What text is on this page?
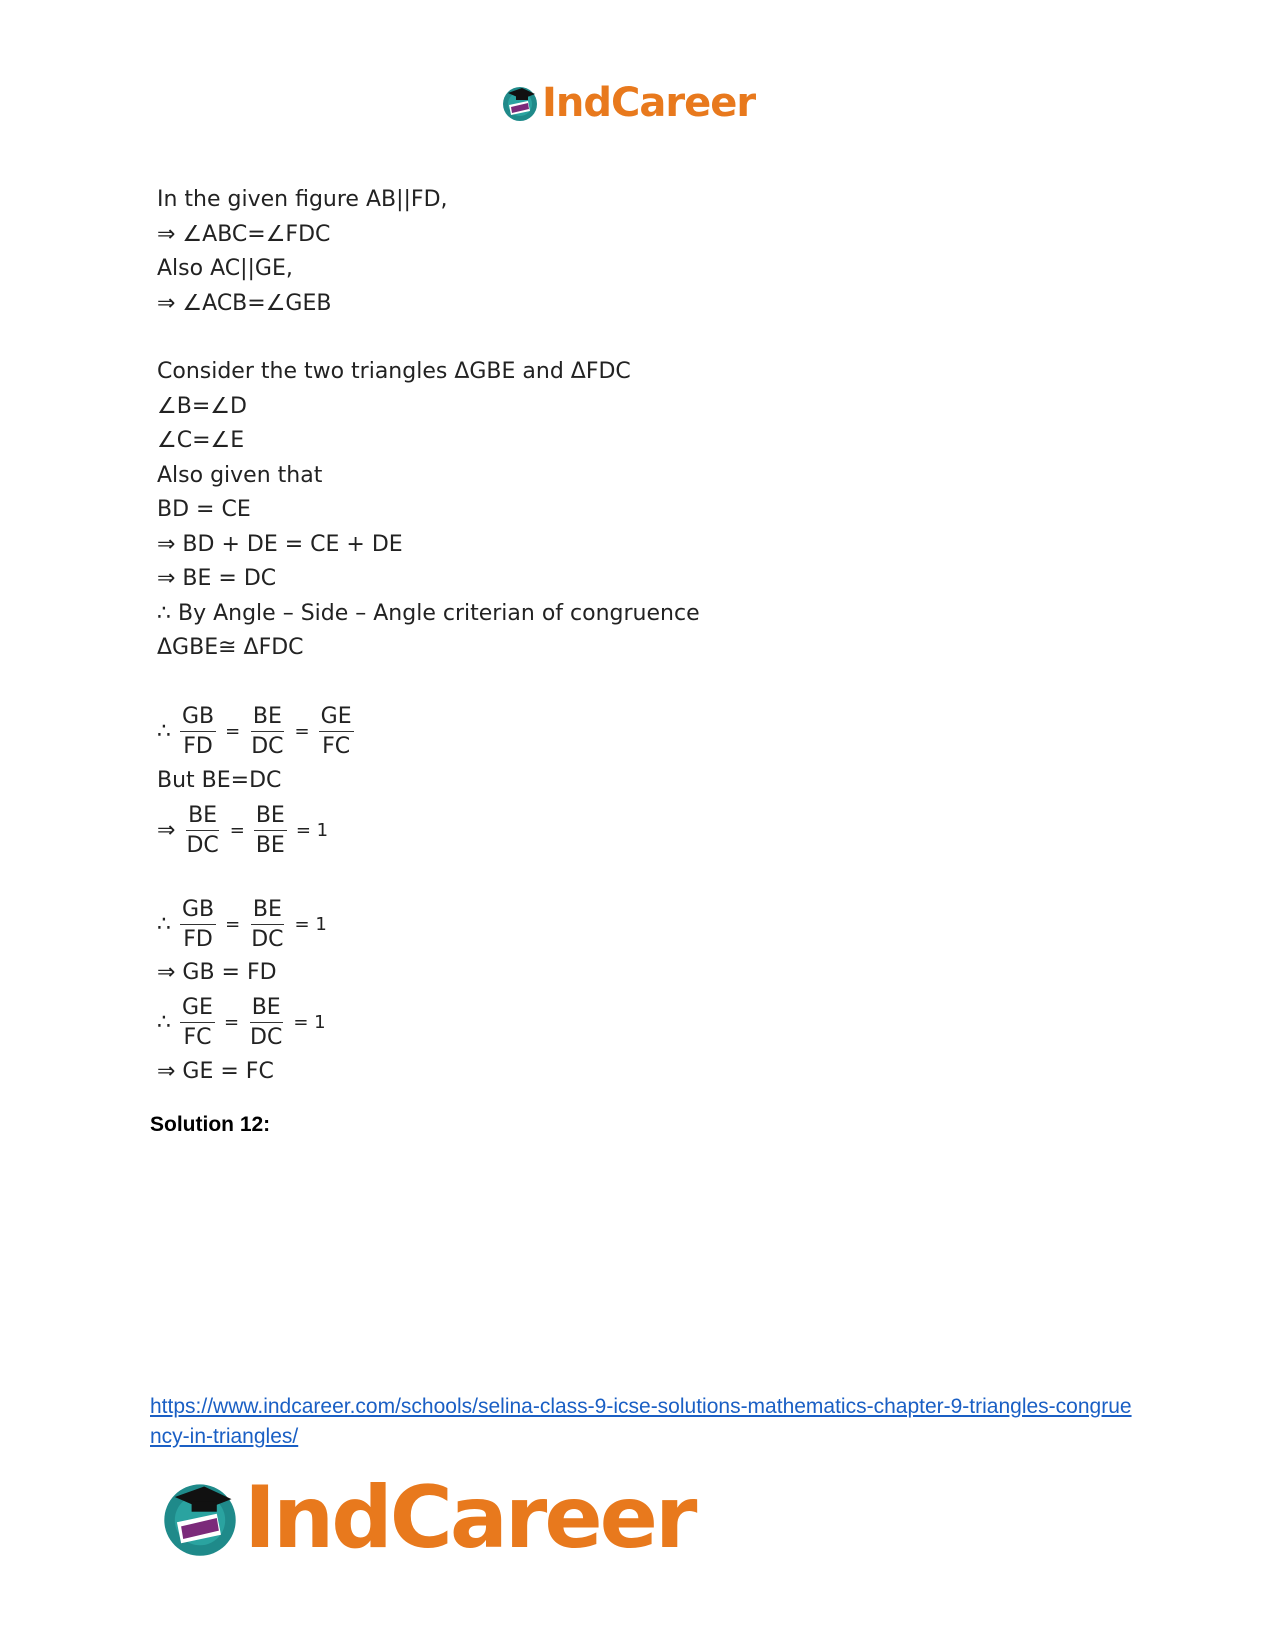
IndCareer
In the given figure AB||FD,
⇒ ∠ABC=∠FDC
Also AC||GE,
⇒ ∠ACB=∠GEB
Consider the two triangles ΔGBE and ΔFDC
∠B=∠D
∠C=∠E
Also given that
BD = CE
⇒ BD + DE = CE + DE
⇒ BE = DC
∴ By Angle – Side – Angle criterian of congruence
ΔGBE≅ ΔFDC
∴ $\frac{GB}{FD} = \frac{BE}{DC} = \frac{GE}{FC}$
But BE=DC
⇒ $\frac{BE}{DC} = \frac{BE}{BE} = 1$
∴ $\frac{GB}{FD} = \frac{BE}{DC} = 1$
⇒ GB = FD
∴ $\frac{GE}{FC} = \frac{BE}{DC} = 1$
⇒ GE = FC
Solution 12:
https://www.indcareer.com/schools/selina-class-9-icse-solutions-mathematics-chapter-9-triangles-congruency-in-triangles/
IndCareer
